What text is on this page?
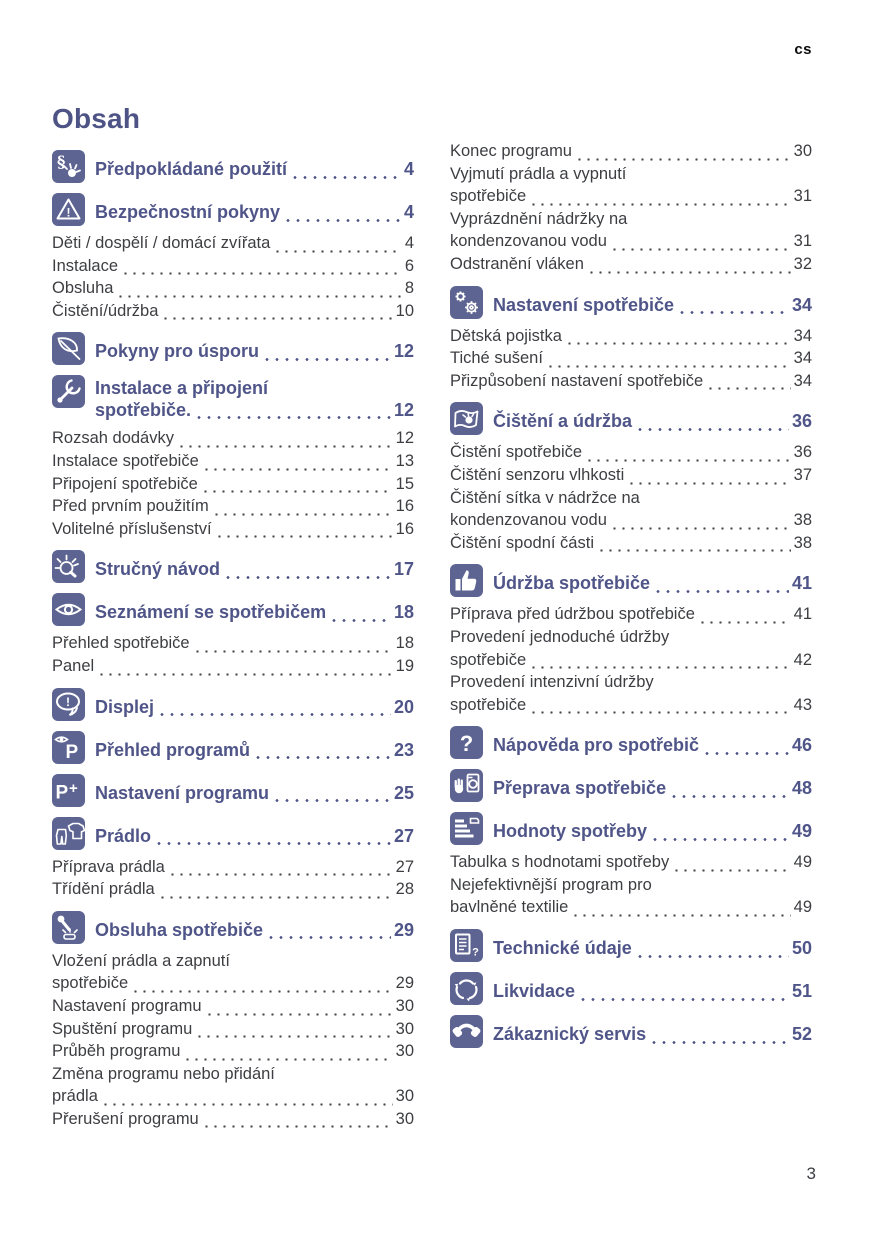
cs
Obsah
§ Předpokládané použití	4
! Bezpečnostní pokyny	4
Děti / dospělí / domácí zvířata	4
Instalace	6
Obsluha	8
Čistění/údržba	10
Pokyny pro úsporu	12
Instalace a připojení
spotřebiče.	12
Rozsah dodávky	12
Instalace spotřebiče	13
Připojení spotřebiče	15
Před prvním použitím	16
Volitelné příslušenství	16
Stručný návod	17
Seznámení se spotřebičem	18
Přehled spotřebiče	18
Panel	19
! Displej	20
P Přehled programů	23
P + Nastavení programu	25
Prádlo	27
Příprava prádla	27
Třídění prádla	28
Obsluha spotřebiče	29
Vložení prádla a zapnutí
spotřebiče	29
Nastavení programu	30
Spuštění programu	30
Průběh programu	30
Změna programu nebo přidání
prádla	30
Přerušení programu	30
Konec programu	30
Vyjmutí prádla a vypnutí
spotřebiče	31
Vyprázdnění nádržky na
kondenzovanou vodu	31
Odstranění vláken	32
Nastavení spotřebiče	34
Dětská pojistka	34
Tiché sušení	34
Přizpůsobení nastavení spotřebiče	34
Čištění a údržba	36
Čistění spotřebiče	36
Čištění senzoru vlhkosti	37
Čištění sítka v nádržce na
kondenzovanou vodu	38
Čištění spodní části	38
Údržba spotřebiče	41
Příprava před údržbou spotřebiče	41
Provedení jednoduché údržby
spotřebiče	42
Provedení intenzivní údržby
spotřebiče	43
? Nápověda pro spotřebič	46
Přeprava spotřebiče	48
Hodnoty spotřeby	49
Tabulka s hodnotami spotřeby	49
Nejefektivnější program pro
bavlněné textilie	49
? Technické údaje	50
Likvidace	51
Zákaznický servis	52
3
